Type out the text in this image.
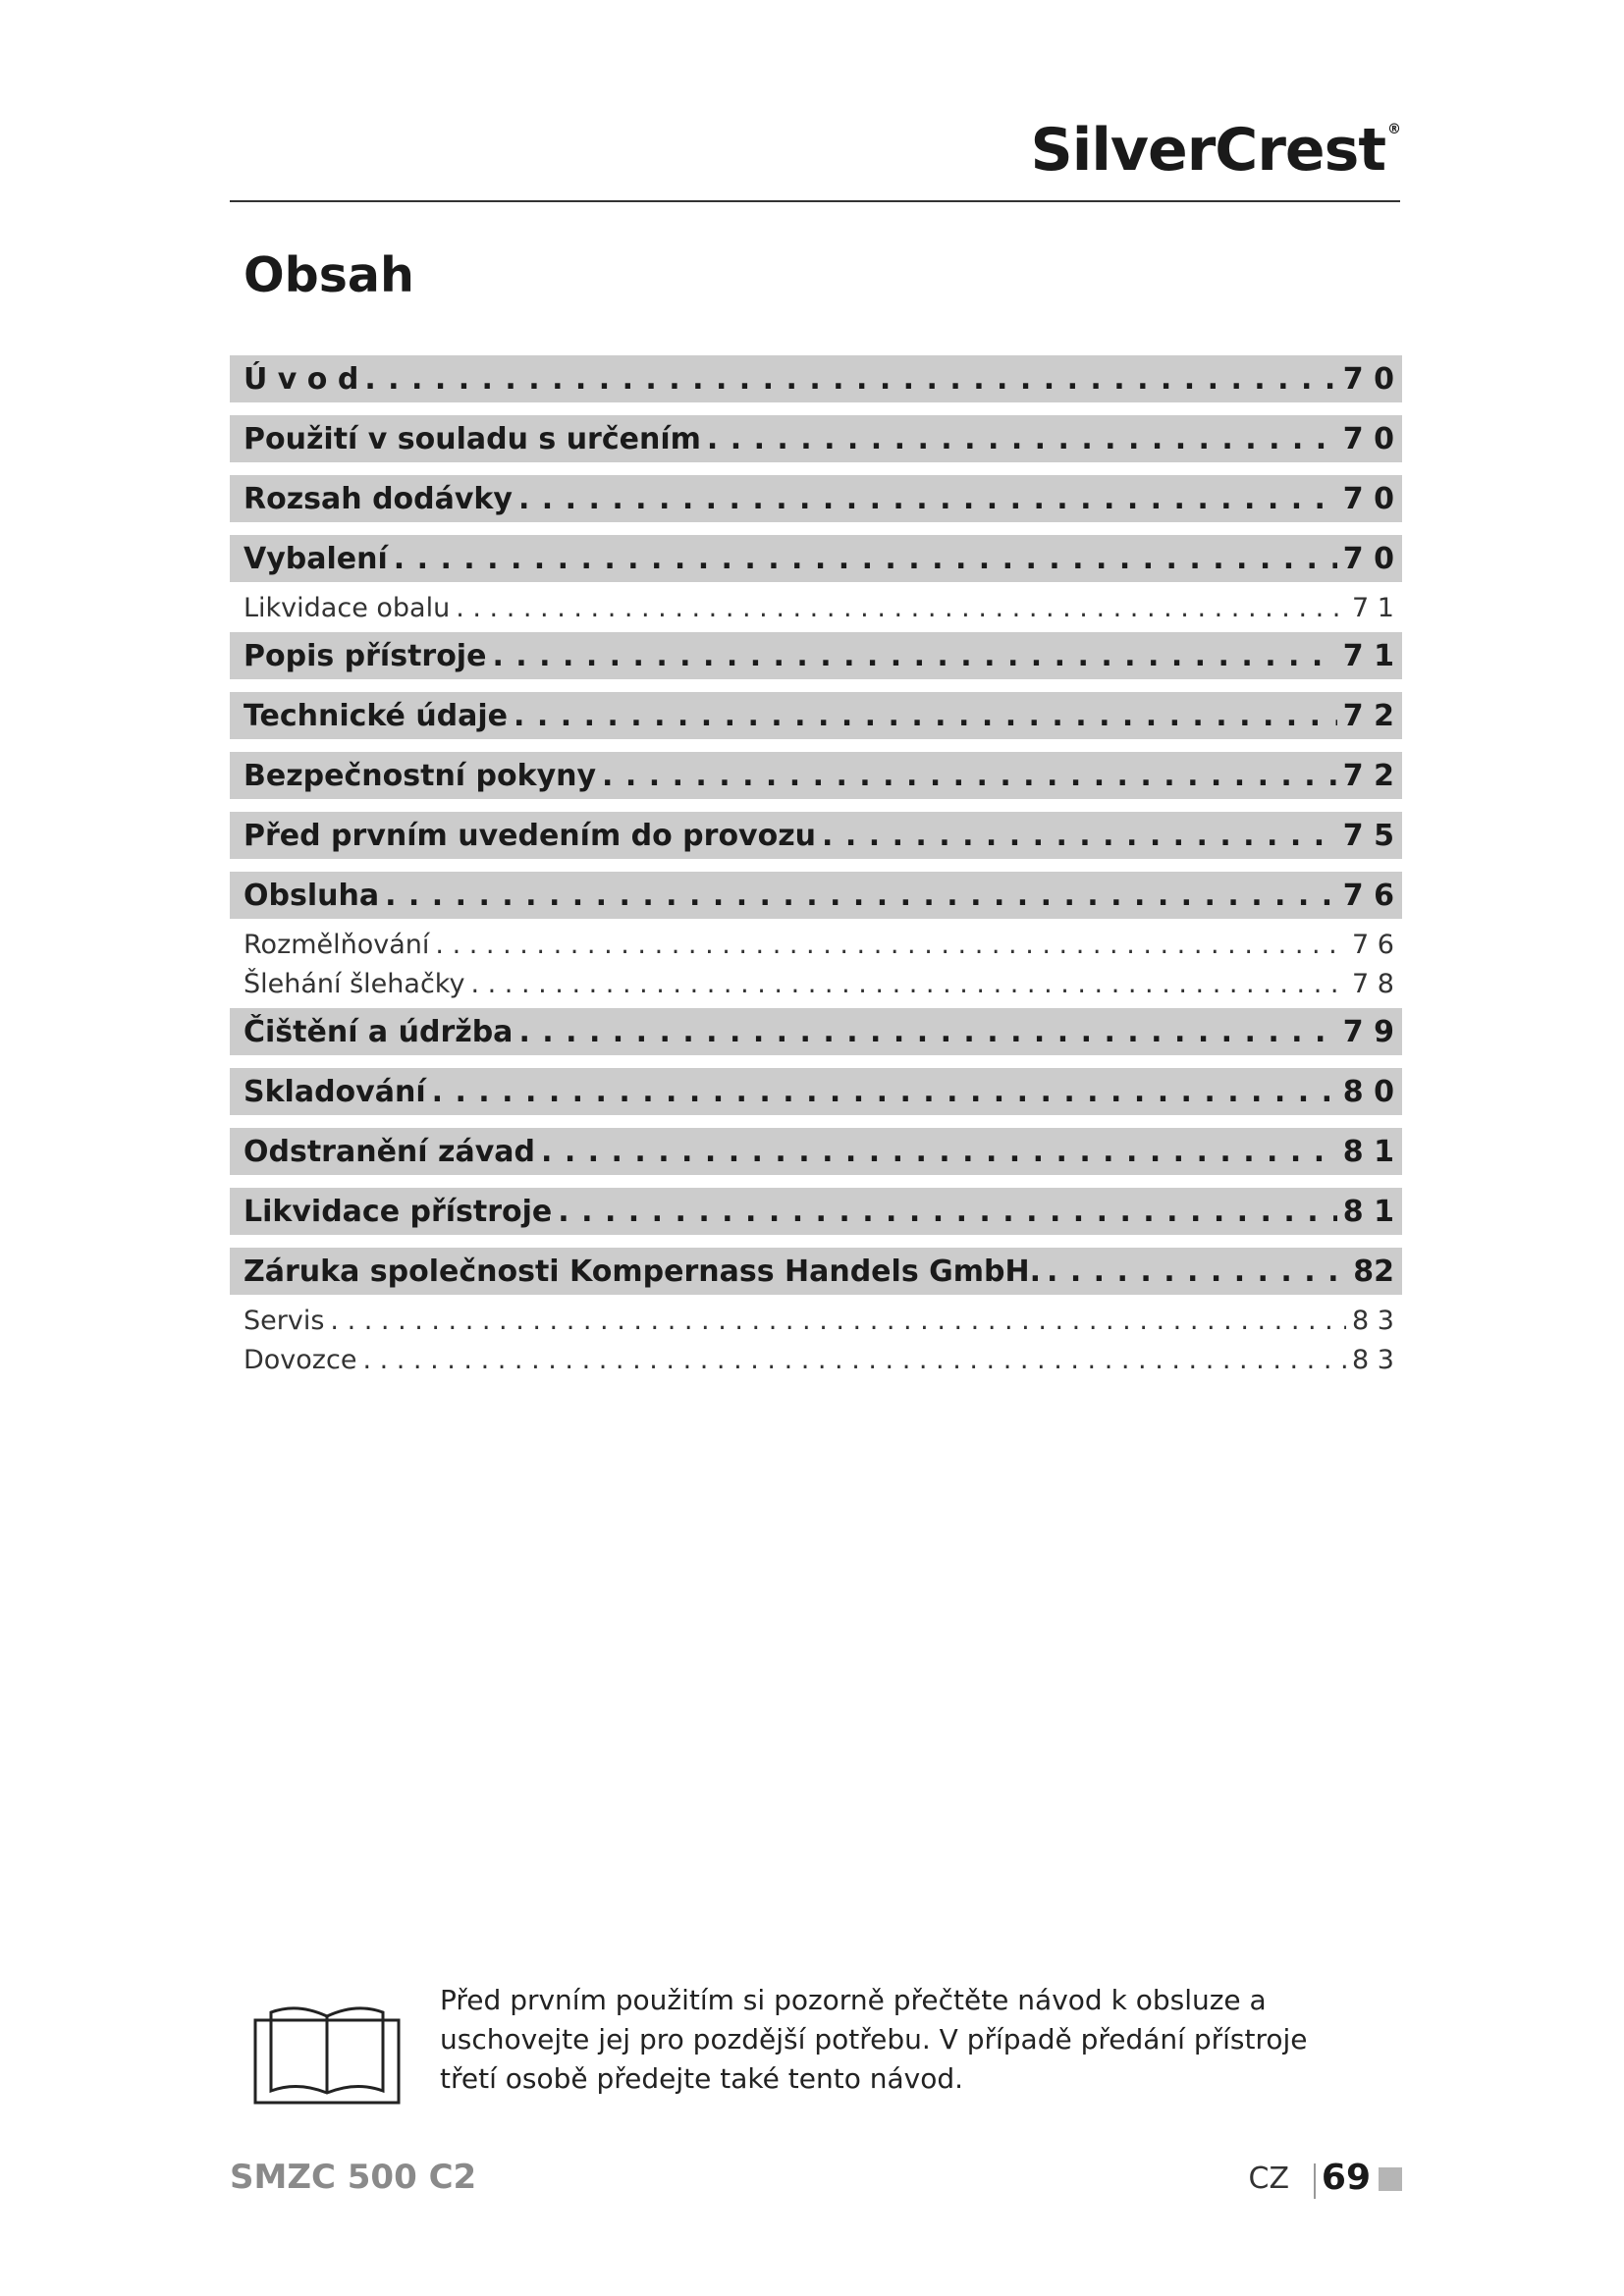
SilverCrest ®
Obsah
Ú v o d . . .	7 0
Použití v souladu s určením . . .	7 0
Rozsah dodávky . . .	7 0
Vybalení . . .	7 0
Likvidace obalu . . .	7 1
Popis přístroje . . .	7 1
Technické údaje . . .	7 2
Bezpečnostní pokyny . . .	7 2
Před prvním uvedením do provozu . . .	7 5
Obsluha . . .	7 6
Rozmělňování . . .	7 6
Šlehání šlehačky . . .	7 8
Čištění a údržba . . .	7 9
Skladování . . .	8 0
Odstranění závad . . .	8 1
Likvidace přístroje . . .	8 1
Záruka společnosti Kompernass Handels GmbH. . . .	82
Servis . . .	8 3
Dovozce . . .	8 3

Před prvním použitím si pozorně přečtěte návod k obsluze a uschovejte jej pro pozdější potřebu. V případě předání přístroje třetí osobě předejte také tento návod.

SMZC 500 C2	CZ 69
